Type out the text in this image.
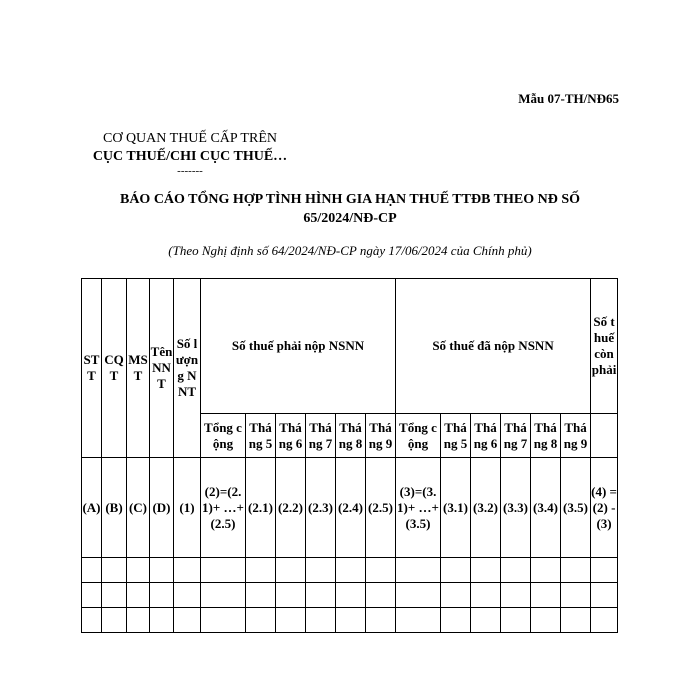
Mẫu 07-TH/NĐ65
CƠ QUAN THUẾ CẤP TRÊN
CỤC THUẾ/CHI CỤC THUẾ…
-------
BÁO CÁO TỔNG HỢP TÌNH HÌNH GIA HẠN THUẾ TTĐB THEO NĐ SỐ 65/2024/NĐ-CP
(Theo Nghị định số 64/2024/NĐ-CP ngày 17/06/2024 của Chính phủ)
STT	CQT	MST	Tên NNT	Số lượng NNT	Số thuế phải nộp NSNN						Số thuế đã nộp NSNN						Số thuế còn phải
					Tổng cộng	Tháng 5	Tháng 6	Tháng 7	Tháng 8	Tháng 9	Tổng cộng	Tháng 5	Tháng 6	Tháng 7	Tháng 8	Tháng 9	
(A)	(B)	(C)	(D)	(1)	(2)=(2.1)+ …+(2.5)	(2.1)	(2.2)	(2.3)	(2.4)	(2.5)	(3)=(3.1)+ …+(3.5)	(3.1)	(3.2)	(3.3)	(3.4)	(3.5)	(4) = (2) - (3)
